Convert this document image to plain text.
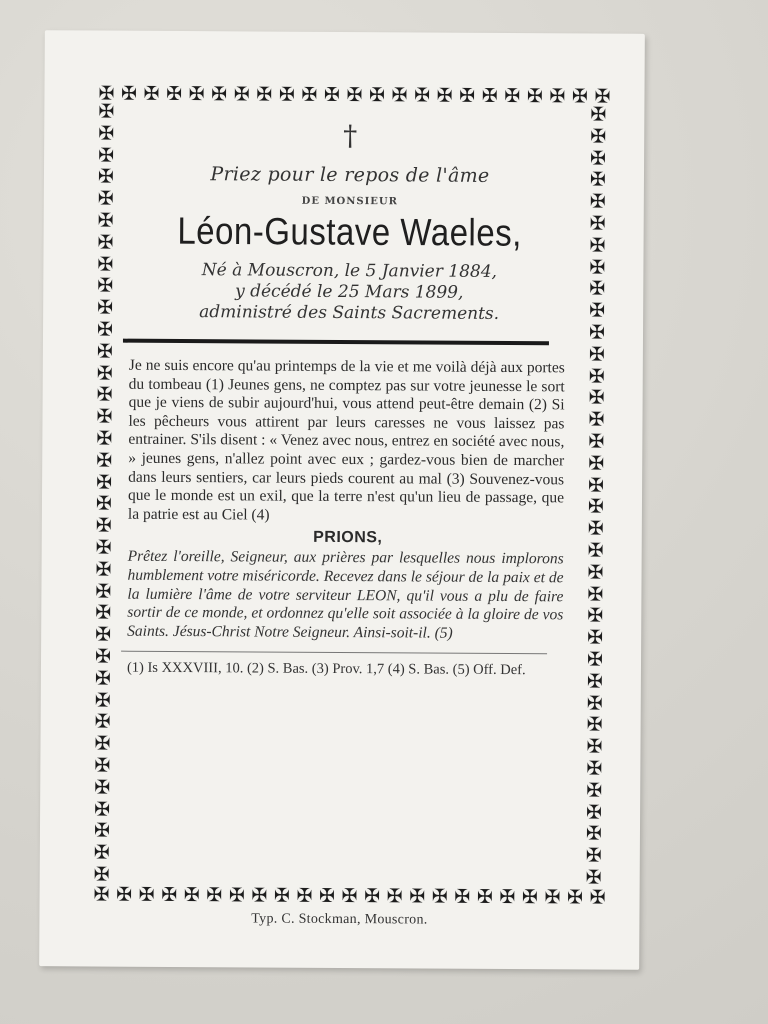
✠ ✠ ✠ ✠ ✠ ✠ ✠ ✠ ✠ ✠ ✠ ✠ ✠ ✠ ✠ ✠ ✠ ✠ ✠ ✠ ✠ ✠ ✠
✠
✠
✠
✠
✠
✠
✠
✠
✠
✠
✠
✠
✠
✠
✠
✠
✠
✠
✠
✠
✠
✠
✠
✠
✠
✠
✠
✠
✠
✠
✠
✠
✠
✠
✠
✠
✠
✠
✠
✠
✠
✠
✠
✠
✠
✠
✠
✠
✠
✠
✠
✠
✠
✠
✠
✠
✠
✠
✠
✠
✠
✠
✠
✠
✠
✠
✠
✠
✠
✠
✠
✠
✠ ✠ ✠ ✠ ✠ ✠ ✠ ✠ ✠ ✠ ✠ ✠ ✠ ✠ ✠ ✠ ✠ ✠ ✠ ✠ ✠ ✠ ✠
†
Priez pour le repos de l'âme
DE MONSIEUR
Léon-Gustave Waeles,
Né à Mouscron, le 5 Janvier 1884,
y décédé le 25 Mars 1899,
administré des Saints Sacrements.
Je ne suis encore qu'au printemps de la vie et me voilà déjà aux portes du tombeau (1) Jeunes gens, ne comptez pas sur votre jeunesse le sort que je viens de subir aujourd'hui, vous attend peut-être demain (2) Si les pêcheurs vous attirent par leurs caresses ne vous laissez pas entrainer. S'ils disent : « Venez avec nous, entrez en société avec nous, » jeunes gens, n'allez point avec eux ; gardez-vous bien de marcher dans leurs sentiers, car leurs pieds courent au mal (3) Souvenez-vous que le monde est un exil, que la terre n'est qu'un lieu de passage, que la patrie est au Ciel (4)
PRIONS,
Prêtez l'oreille, Seigneur, aux prières par lesquelles nous implorons humblement votre miséricorde. Recevez dans le séjour de la paix et de la lumière l'âme de votre serviteur LEON, qu'il vous a plu de faire sortir de ce monde, et ordonnez qu'elle soit associée à la gloire de vos Saints. Jésus-Christ Notre Seigneur. Ainsi-soit-il. (5)
(1) Is XXXVIII, 10. (2) S. Bas. (3) Prov. 1,7 (4) S. Bas. (5) Off. Def.
Typ. C. Stockman, Mouscron.
